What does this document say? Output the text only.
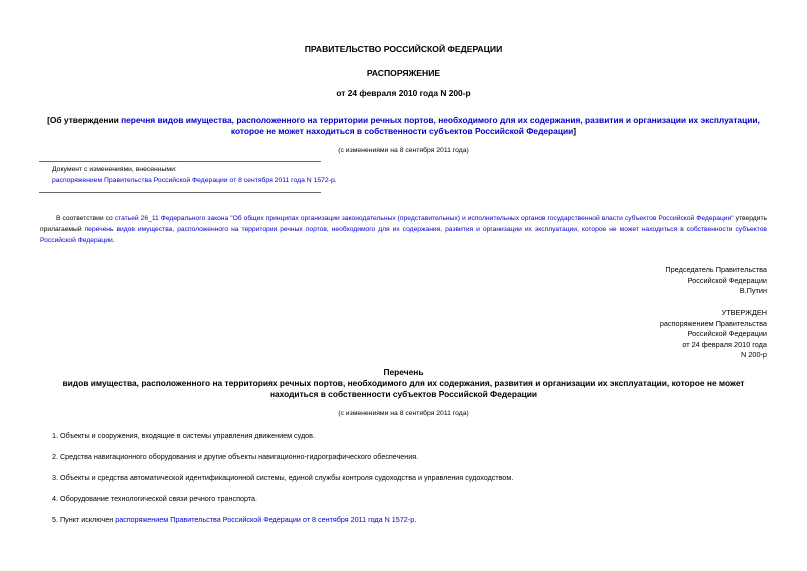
ПРАВИТЕЛЬСТВО РОССИЙСКОЙ ФЕДЕРАЦИИ
РАСПОРЯЖЕНИЕ
от 24 февраля 2010 года N 200-р
[Об утверждении перечня видов имущества, расположенного на территории речных портов, необходимого для их содержания, развития и организации их эксплуатации, которое не может находиться в собственности субъектов Российской Федерации]
(с изменениями на 8 сентября 2011 года)
Документ с изменениями, внесенными:
распоряжением Правительства Российской Федерации от 8 сентября 2011 года N 1572-р.
В соответствии со статьей 26_11 Федерального закона "Об общих принципах организации законодательных (представительных) и исполнительных органов государственной власти субъектов Российской Федерации" утвердить прилагаемый перечень видов имущества, расположенного на территории речных портов, необходимого для их содержания, развития и организации их эксплуатации, которое не может находиться в собственности субъектов Российской Федерации.
Председатель Правительства
Российской Федерации
В.Путин
УТВЕРЖДЕН
распоряжением Правительства
Российской Федерации
от 24 февраля 2010 года
N 200-р
Перечень
видов имущества, расположенного на территориях речных портов, необходимого для их содержания, развития и организации их эксплуатации, которое не может находиться в собственности субъектов Российской Федерации
(с изменениями на 8 сентября 2011 года)
1. Объекты и сооружения, входящие в системы управления движением судов.
2. Средства навигационного оборудования и другие объекты навигационно-гидрографического обеспечения.
3. Объекты и средства автоматической идентификационной системы, единой службы контроля судоходства и управления судоходством.
4. Оборудование технологической связи речного транспорта.
5. Пункт исключен распоряжением Правительства Российской Федерации от 8 сентября 2011 года N 1572-р.
